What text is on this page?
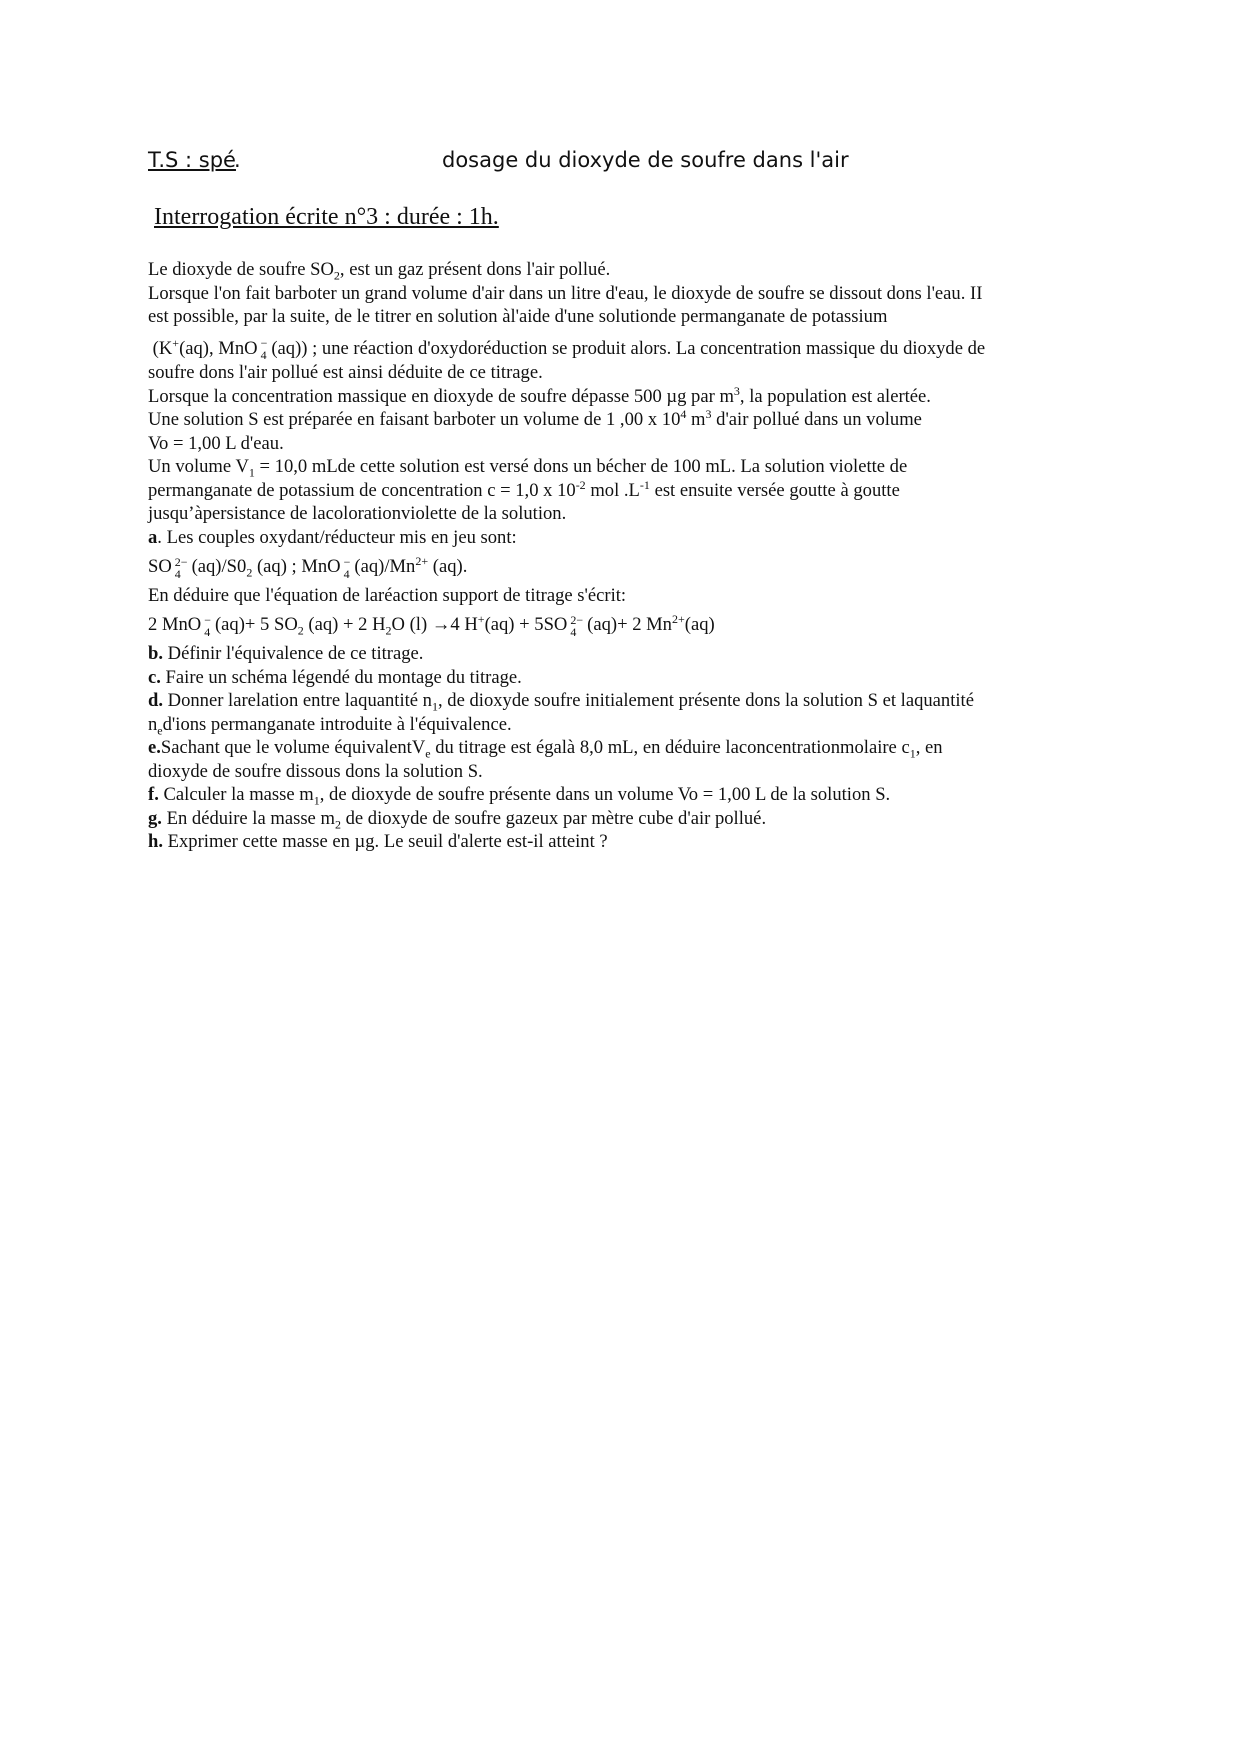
T.S : spé
.	dosage du dioxyde de soufre dans l'air
Interrogation écrite n°3 : durée : 1h.
Le dioxyde de soufre $SO_2$, est un gaz présent dons l'air pollué.
Lorsque l'on fait barboter un grand volume d'air dans un litre d'eau, le dioxyde de soufre se dissout dons l'eau. II
est possible, par la suite, de le titrer en solution àl'aide d'une solutionde permanganate de potassium
(K+(aq), MnO −
4 (aq)) ; une réaction d'oxydoréduction se produit alors. La concentration massique du dioxyde de
soufre dons l'air pollué est ainsi déduite de ce titrage.
Lorsque la concentration massique en dioxyde de soufre dépasse 500 µg par $m^3$, la population est alertée.
Une solution S est préparée en faisant barboter un volume de 1 ,00 x $10^4$ $m^3$ d'air pollué dans un volume
Vo = 1,00 L d'eau.
Un volume $V_1 = 10,0$ mLde cette solution est versé dons un bécher de 100 mL. La solution violette de
permanganate de potassium de concentration c = 1,0 x $10^{-2}$ mol $.L^{-1}$ est ensuite versée goutte à goutte
jusqu’àpersistance de lacolorationviolette de la solution.
a. Les couples oxydant/réducteur mis en jeu sont:
SO 2−
4 $(aq)/S0_2$ (aq) ; MnO −
4 $(aq)/Mn^{2+}$ (aq).
En déduire que l'équation de laréaction support de titrage s'écrit:
2 MnO −
4 (aq)+ 5 $SO_2$ (aq) + 2 $H_2O$ (l) →4 H+(aq) + 5SO 2−
4 (aq)+ 2 $Mn^{2+}(aq)$
b. Définir l'équivalence de ce titrage.
c. Faire un schéma légendé du montage du titrage.
d. Donner larelation entre laquantité $n_1$, de dioxyde soufre initialement présente dons la solution S et laquantité
$n_ed'ions$ permanganate introduite à l'équivalence.
e.Sachant que le volume équivalentV$_e$ du titrage est égalà 8,0 mL, en déduire laconcentrationmolaire $c_1$, en
dioxyde de soufre dissous dons la solution S.
f. Calculer la masse $m_1$, de dioxyde de soufre présente dans un volume Vo = 1,00 L de la solution S.
g. En déduire la masse $m_2$ de dioxyde de soufre gazeux par mètre cube d'air pollué.
h. Exprimer cette masse en µg. Le seuil d'alerte est-il atteint ?
